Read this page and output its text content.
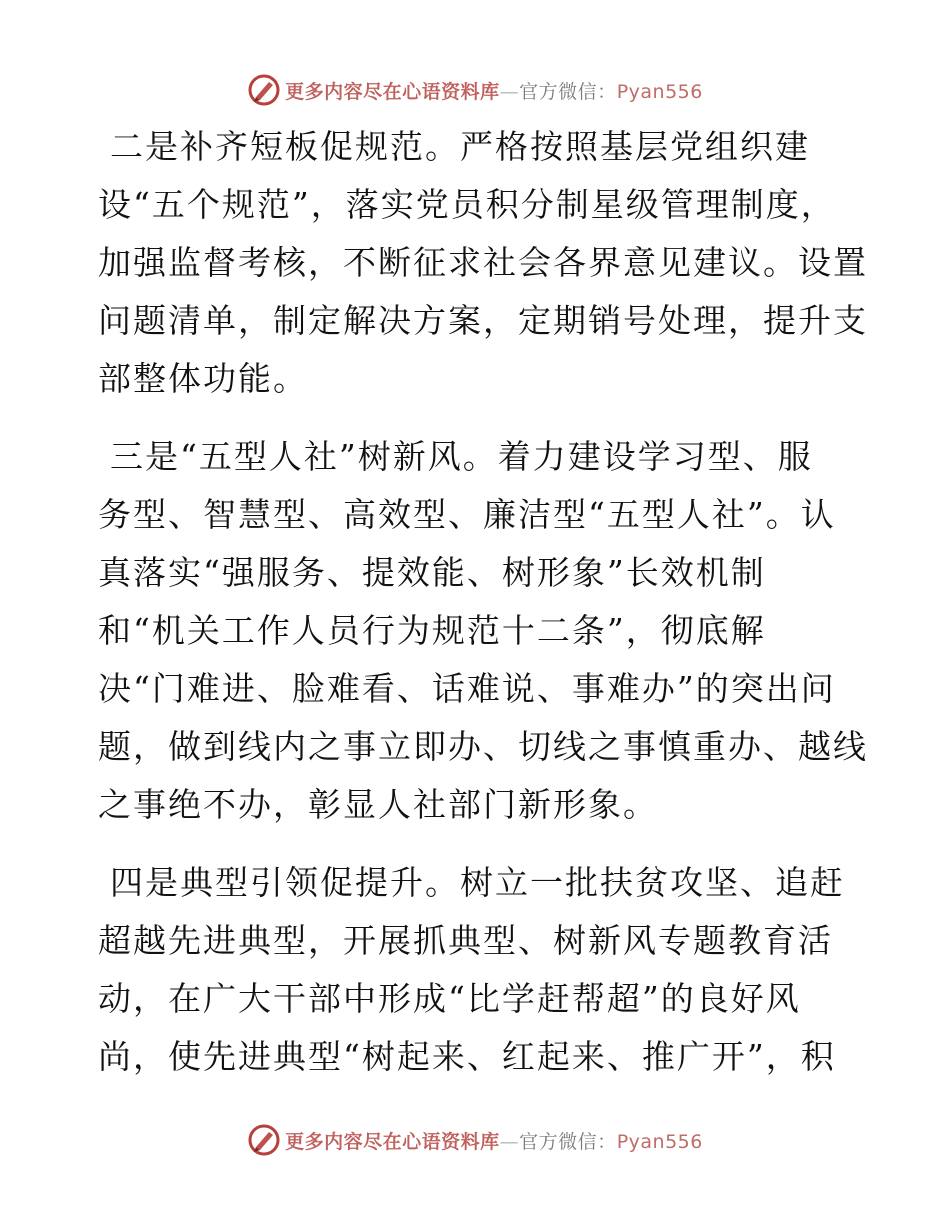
更多内容尽在心语资料库—官方微信：Pyan556
二是补齐短板促规范。严格按照基层党组织建
设“五个规范”，落实党员积分制星级管理制度，
加强监督考核，不断征求社会各界意见建议。设置
问题清单，制定解决方案，定期销号处理，提升支
部整体功能。
三是“五型人社”树新风。着力建设学习型、服
务型、智慧型、高效型、廉洁型“五型人社”。认
真落实“强服务、提效能、树形象”长效机制
和“机关工作人员行为规范十二条”，彻底解
决“门难进、脸难看、话难说、事难办”的突出问
题，做到线内之事立即办、切线之事慎重办、越线
之事绝不办，彰显人社部门新形象。
四是典型引领促提升。树立一批扶贫攻坚、追赶
超越先进典型，开展抓典型、树新风专题教育活
动，在广大干部中形成“比学赶帮超”的良好风
尚，使先进典型“树起来、红起来、推广开”，积
更多内容尽在心语资料库—官方微信：Pyan556
